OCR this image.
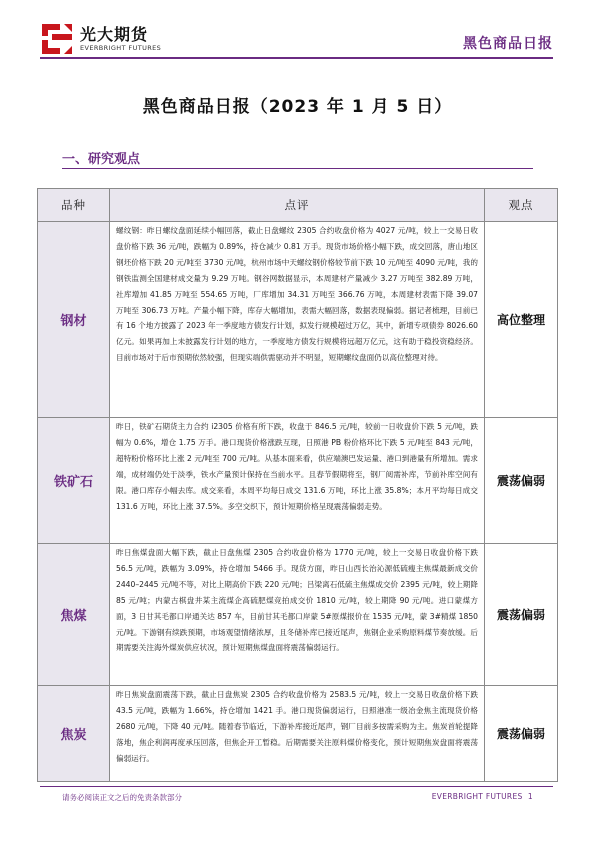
光大期货
EVERBRIGHT FUTURES	黑色商品日报
黑色商品日报（2023 年 1 月 5 日）
一、研究观点
品种	点评	观点
钢材	螺纹钢：昨日螺纹盘面延续小幅回落，截止日盘螺纹 2305 合约收盘价格为 4027 元/吨，较上一交易日收盘价格下跌 36 元/吨，跌幅为 0.89%，持仓减少 0.81 万手。现货市场价格小幅下跌，成交回落，唐山地区钢坯价格下跌 20 元/吨至 3730 元/吨，杭州市场中天螺纹钢价格较节前下跌 10 元/吨至 4090 元/吨，我的钢铁监测全国建材成交量为 9.29 万吨。钢谷网数据显示，本周建材产量减少 3.27 万吨至 382.89 万吨，社库增加 41.85 万吨至 554.65 万吨，厂库增加 34.31 万吨至 366.76 万吨，本周建材表需下降 39.07 万吨至 306.73 万吨。产量小幅下降，库存大幅增加，表需大幅回落，数据表现偏弱。据记者梳理，目前已有 16 个地方披露了 2023 年一季度地方债发行计划，拟发行规模超过万亿，其中，新增专项债券 8026.60 亿元。如果再加上未披露发行计划的地方，一季度地方债发行规模将远超万亿元，这有助于稳投资稳经济。目前市场对于后市预期依然较强，但现实端供需驱动并不明显，短期螺纹盘面仍以高位整理对待。	高位整理
铁矿石	昨日，铁矿石期货主力合约 i2305 价格有所下跌，收盘于 846.5 元/吨，较前一日收盘价下跌 5 元/吨，跌幅为 0.6%，增仓 1.75 万手。港口现货价格涨跌互现，日照港 PB 粉价格环比下跌 5 元/吨至 843 元/吨，超特粉价格环比上涨 2 元/吨至 700 元/吨。从基本面来看，供应端澳巴发运量、港口到港量有所增加。需求端，成材端仍处于淡季，铁水产量预计保持在当前水平。且春节假期将至，钢厂阅需补库，节前补库空间有限。港口库存小幅去库。成交来看，本周平均每日成交 131.6 万吨，环比上涨 35.8%；本月平均每日成交 131.6 万吨，环比上涨 37.5%。多空交织下，预计短期价格呈现震荡偏弱走势。	震荡偏弱
焦煤	昨日焦煤盘面大幅下跌，截止日盘焦煤 2305 合约收盘价格为 1770 元/吨，较上一交易日收盘价格下跌 56.5 元/吨，跌幅为 3.09%，持仓增加 5466 手。现货方面，昨日山西长治沁源低硫瘦主焦煤最新成交价 2440–2445 元/吨不等，对比上期高价下跌 220 元/吨；吕梁离石低硫主焦煤成交价 2395 元/吨，较上期降 85 元/吨；内蒙古棋盘井某主流煤企高硫肥煤竞拍成交价 1810 元/吨，较上期降 90 元/吨。进口蒙煤方面，3 日甘其毛都口岸通关达 857 车，目前甘其毛都口岸蒙 5#原煤报价在 1535 元/吨，蒙 3#精煤 1850 元/吨。下游钢有续跌预期，市场观望情绪浓厚，且冬储补库已接近尾声，焦钢企业采购原料煤节奏放缓。后期需要关注海外煤炭供应状况，预计短期焦煤盘面将震荡偏弱运行。	震荡偏弱
焦炭	昨日焦炭盘面震荡下跌，截止日盘焦炭 2305 合约收盘价格为 2583.5 元/吨，较上一交易日收盘价格下跌 43.5 元/吨，跌幅为 1.66%，持仓增加 1421 手。港口现货偏弱运行，日照港准一级冶金焦主流现货价格 2680 元/吨，下降 40 元/吨。随着春节临近，下游补库接近尾声，钢厂目前多按需采购为主。焦炭首轮提降落地，焦企利润再度承压回落，但焦企开工暂稳。后期需要关注原料煤价格变化，预计短期焦炭盘面将震荡偏弱运行。	震荡偏弱
请务必阅读正文之后的免责条款部分	EVERBRIGHT FUTURES 1
